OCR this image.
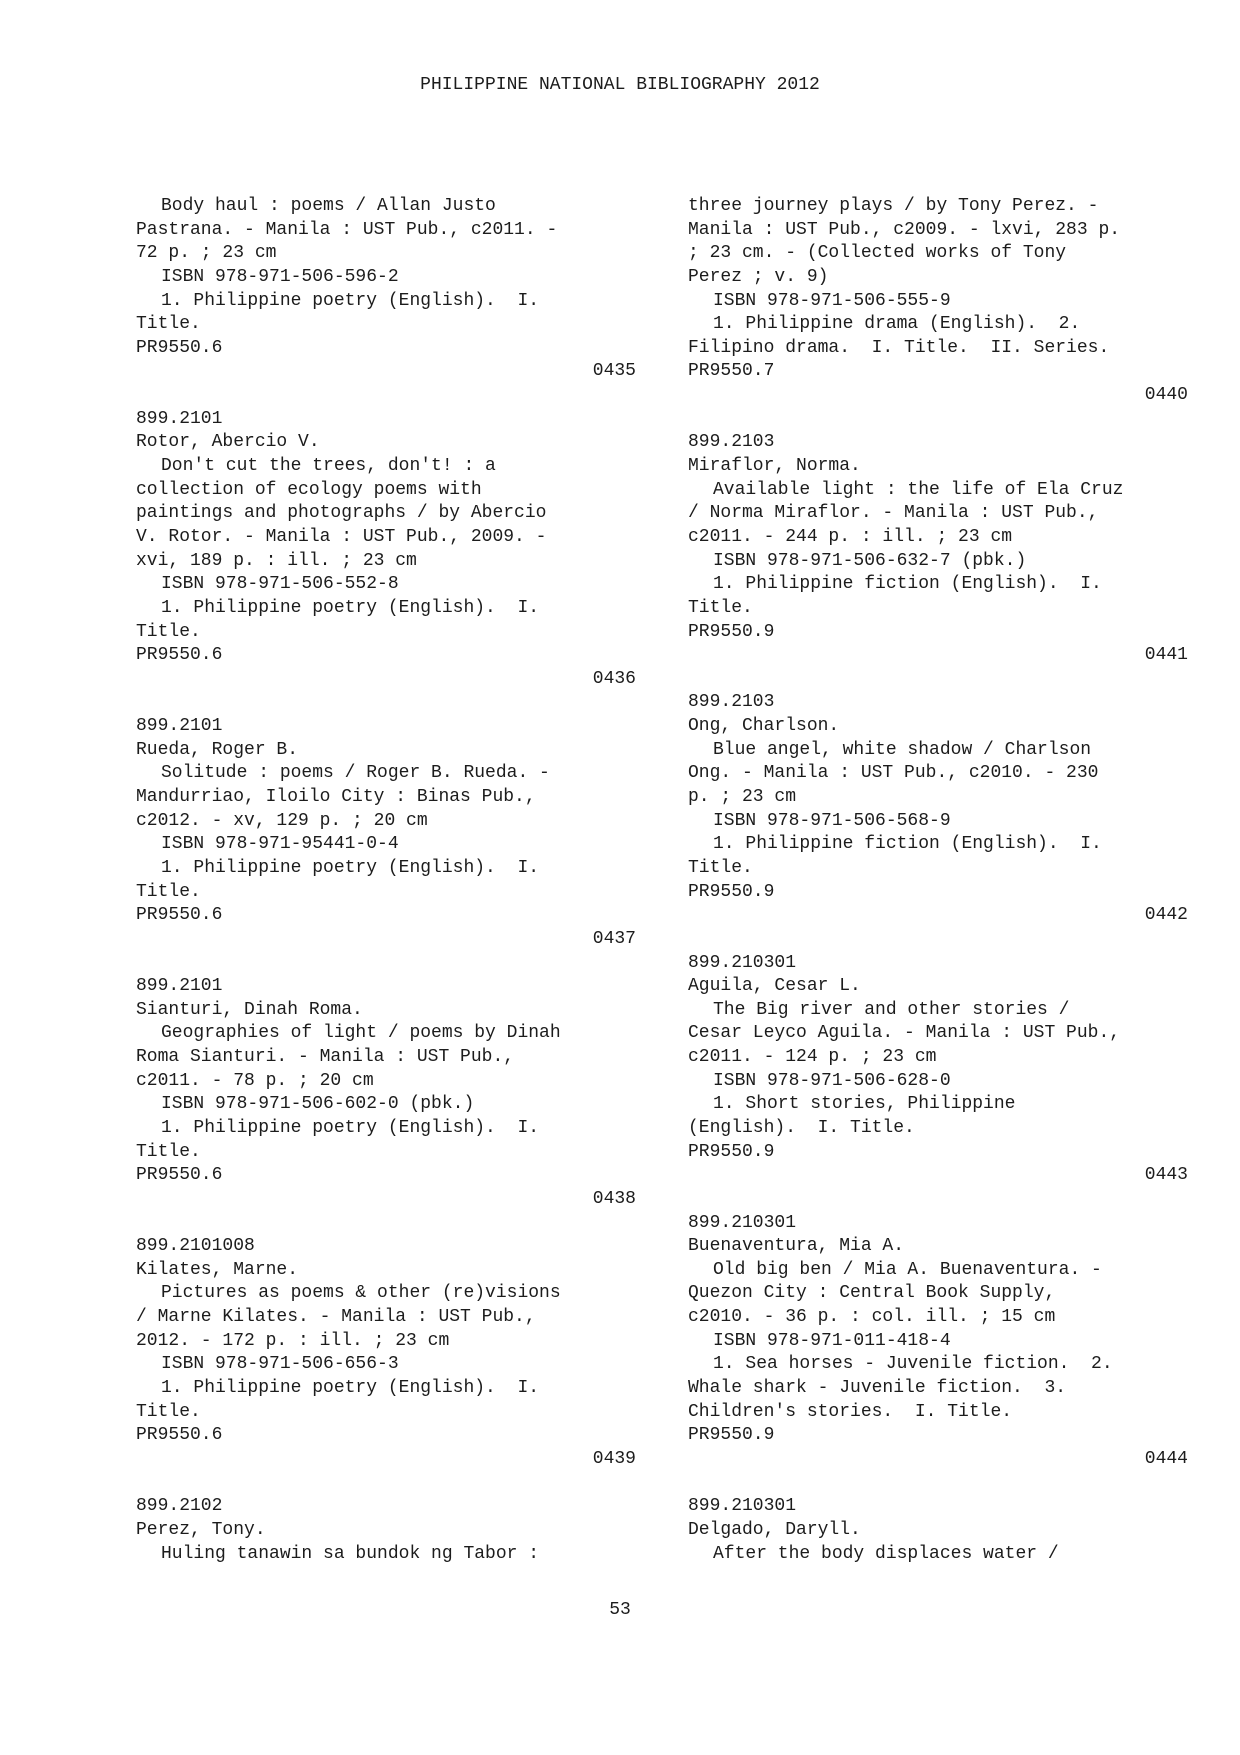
PHILIPPINE NATIONAL BIBLIOGRAPHY 2012
Body haul : poems / Allan Justo
Pastrana. - Manila : UST Pub., c2011. -
72 p. ; 23 cm
ISBN 978-971-506-596-2
1. Philippine poetry (English).  I.
Title.
PR9550.6
0435
899.2101
Rotor, Abercio V.
Don't cut the trees, don't! : a
collection of ecology poems with
paintings and photographs / by Abercio
V. Rotor. - Manila : UST Pub., 2009. -
xvi, 189 p. : ill. ; 23 cm
ISBN 978-971-506-552-8
1. Philippine poetry (English).  I.
Title.
PR9550.6
0436
899.2101
Rueda, Roger B.
Solitude : poems / Roger B. Rueda. -
Mandurriao, Iloilo City : Binas Pub.,
c2012. - xv, 129 p. ; 20 cm
ISBN 978-971-95441-0-4
1. Philippine poetry (English).  I.
Title.
PR9550.6
0437
899.2101
Sianturi, Dinah Roma.
Geographies of light / poems by Dinah
Roma Sianturi. - Manila : UST Pub.,
c2011. - 78 p. ; 20 cm
ISBN 978-971-506-602-0 (pbk.)
1. Philippine poetry (English).  I.
Title.
PR9550.6
0438
899.2101008
Kilates, Marne.
Pictures as poems & other (re)visions
/ Marne Kilates. - Manila : UST Pub.,
2012. - 172 p. : ill. ; 23 cm
ISBN 978-971-506-656-3
1. Philippine poetry (English).  I.
Title.
PR9550.6
0439
899.2102
Perez, Tony.
Huling tanawin sa bundok ng Tabor :
three journey plays / by Tony Perez. -
Manila : UST Pub., c2009. - lxvi, 283 p.
; 23 cm. - (Collected works of Tony
Perez ; v. 9)
ISBN 978-971-506-555-9
1. Philippine drama (English).  2.
Filipino drama.  I. Title.  II. Series.
PR9550.7
0440
899.2103
Miraflor, Norma.
Available light : the life of Ela Cruz
/ Norma Miraflor. - Manila : UST Pub.,
c2011. - 244 p. : ill. ; 23 cm
ISBN 978-971-506-632-7 (pbk.)
1. Philippine fiction (English).  I.
Title.
PR9550.9
0441
899.2103
Ong, Charlson.
Blue angel, white shadow / Charlson
Ong. - Manila : UST Pub., c2010. - 230
p. ; 23 cm
ISBN 978-971-506-568-9
1. Philippine fiction (English).  I.
Title.
PR9550.9
0442
899.210301
Aguila, Cesar L.
The Big river and other stories /
Cesar Leyco Aguila. - Manila : UST Pub.,
c2011. - 124 p. ; 23 cm
ISBN 978-971-506-628-0
1. Short stories, Philippine
(English).  I. Title.
PR9550.9
0443
899.210301
Buenaventura, Mia A.
Old big ben / Mia A. Buenaventura. -
Quezon City : Central Book Supply,
c2010. - 36 p. : col. ill. ; 15 cm
ISBN 978-971-011-418-4
1. Sea horses - Juvenile fiction.  2.
Whale shark - Juvenile fiction.  3.
Children's stories.  I. Title.
PR9550.9
0444
899.210301
Delgado, Daryll.
After the body displaces water /
53
